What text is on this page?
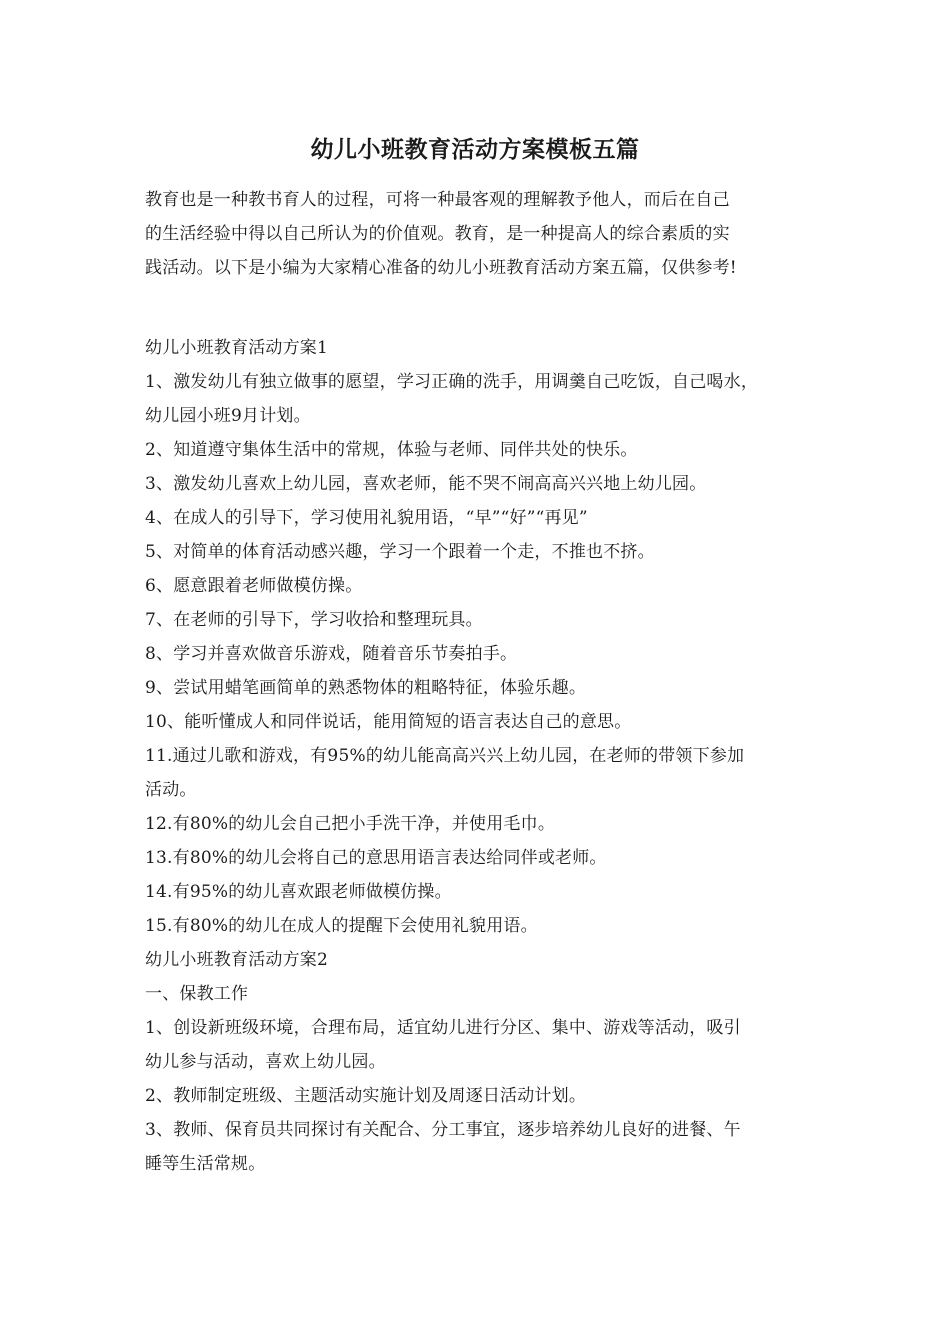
幼儿小班教育活动方案模板五篇
教育也是一种教书育人的过程，可将一种最客观的理解教予他人，而后在自己
的生活经验中得以自己所认为的价值观。教育，是一种提高人的综合素质的实
践活动。以下是小编为大家精心准备的幼儿小班教育活动方案五篇，仅供参考!
幼儿小班教育活动方案1
1、激发幼儿有独立做事的愿望，学习正确的洗手，用调羹自己吃饭，自己喝水，
幼儿园小班9月计划。
2、知道遵守集体生活中的常规，体验与老师、同伴共处的快乐。
3、激发幼儿喜欢上幼儿园，喜欢老师，能不哭不闹高高兴兴地上幼儿园。
4、在成人的引导下，学习使用礼貌用语，“早”“好”“再见”
5、对简单的体育活动感兴趣，学习一个跟着一个走，不推也不挤。
6、愿意跟着老师做模仿操。
7、在老师的引导下，学习收拾和整理玩具。
8、学习并喜欢做音乐游戏，随着音乐节奏拍手。
9、尝试用蜡笔画简单的熟悉物体的粗略特征，体验乐趣。
10、能听懂成人和同伴说话，能用简短的语言表达自己的意思。
11.通过儿歌和游戏，有95%的幼儿能高高兴兴上幼儿园，在老师的带领下参加
活动。
12.有80%的幼儿会自己把小手洗干净，并使用毛巾。
13.有80%的幼儿会将自己的意思用语言表达给同伴或老师。
14.有95%的幼儿喜欢跟老师做模仿操。
15.有80%的幼儿在成人的提醒下会使用礼貌用语。
幼儿小班教育活动方案2
一、保教工作
1、创设新班级环境，合理布局，适宜幼儿进行分区、集中、游戏等活动，吸引
幼儿参与活动，喜欢上幼儿园。
2、教师制定班级、主题活动实施计划及周逐日活动计划。
3、教师、保育员共同探讨有关配合、分工事宜，逐步培养幼儿良好的进餐、午
睡等生活常规。
